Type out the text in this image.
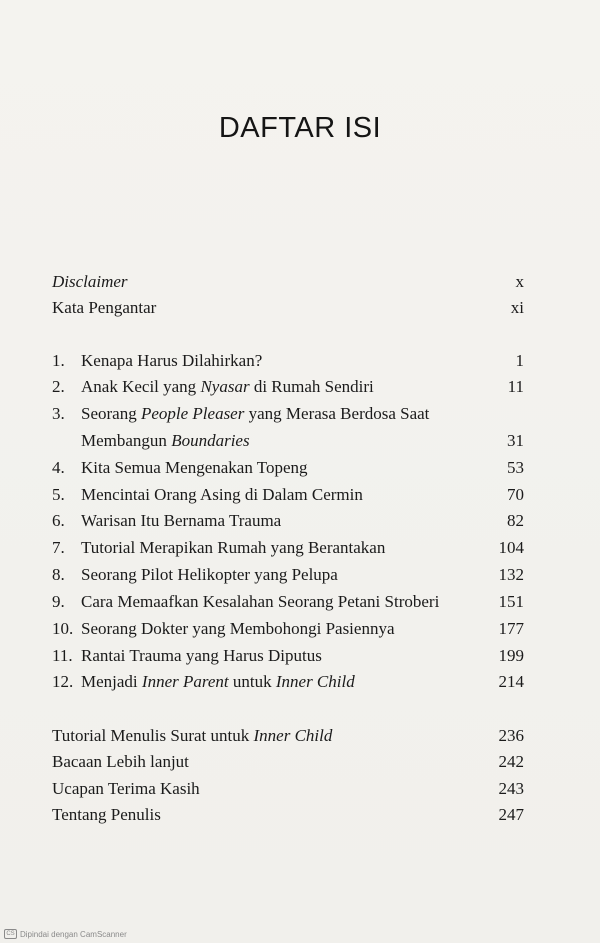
DAFTAR ISI
Disclaimer	x
Kata Pengantar	xi
1. Kenapa Harus Dilahirkan?	1
2. Anak Kecil yang Nyasar di Rumah Sendiri	11
3. Seorang People Pleaser yang Merasa Berdosa Saat
Membangun Boundaries	31
4. Kita Semua Mengenakan Topeng	53
5. Mencintai Orang Asing di Dalam Cermin	70
6. Warisan Itu Bernama Trauma	82
7. Tutorial Merapikan Rumah yang Berantakan	104
8. Seorang Pilot Helikopter yang Pelupa	132
9. Cara Memaafkan Kesalahan Seorang Petani Stroberi	151
10. Seorang Dokter yang Membohongi Pasiennya	177
11. Rantai Trauma yang Harus Diputus	199
12. Menjadi Inner Parent untuk Inner Child	214
Tutorial Menulis Surat untuk Inner Child	236
Bacaan Lebih lanjut	242
Ucapan Terima Kasih	243
Tentang Penulis	247
CS Dipindai dengan CamScanner
